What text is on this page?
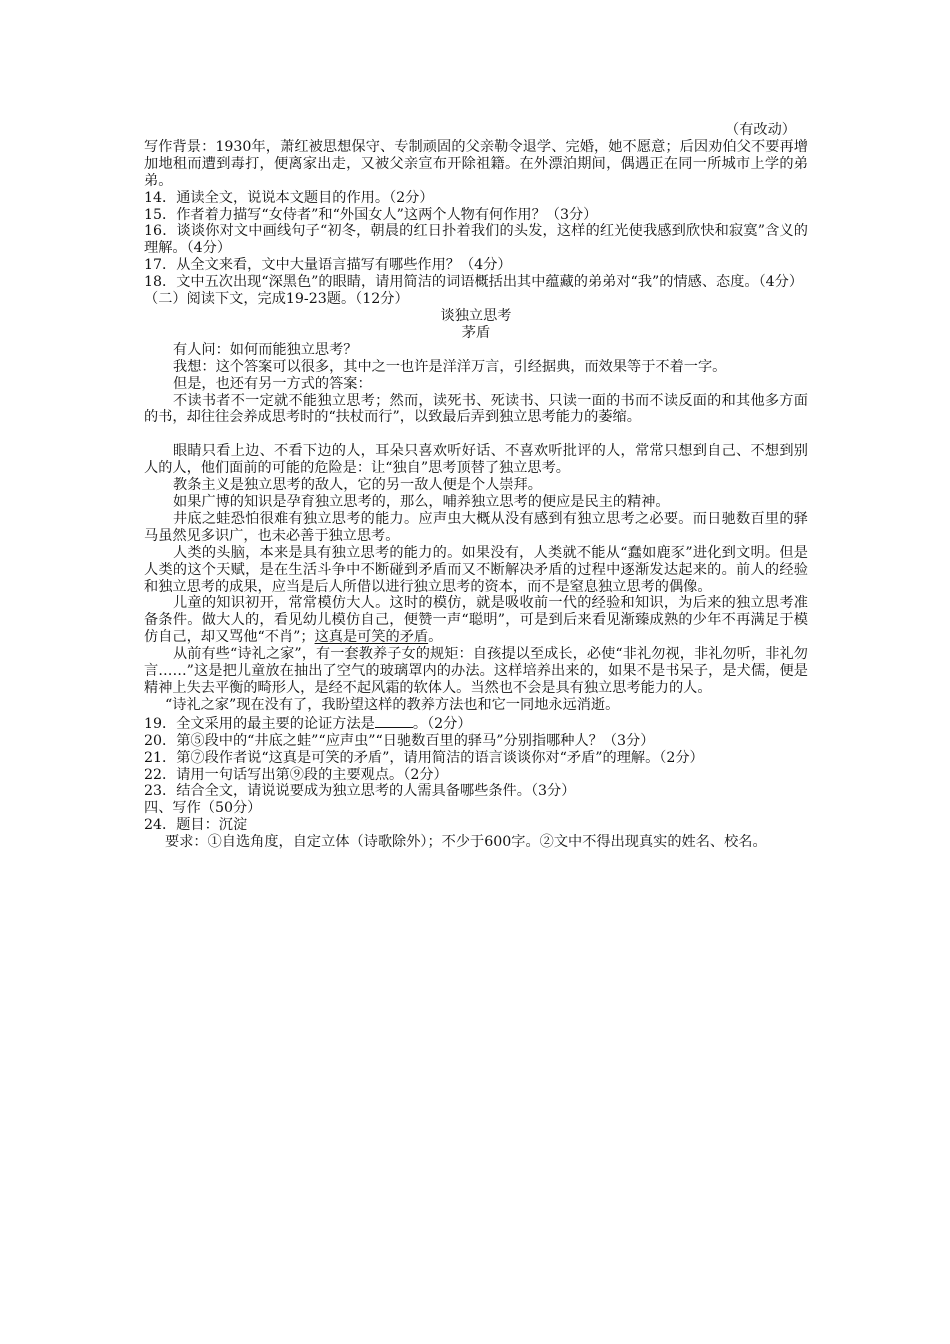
（有改动）

写作背景：1930年，萧红被思想保守、专制顽固的父亲勒令退学、完婚，她不愿意；后因劝伯父不要再增加地租而遭到毒打，便离家出走，又被父亲宣布开除祖籍。在外漂泊期间，偶遇正在同一所城市上学的弟弟。

14．通读全文，说说本文题目的作用。（2分）

15．作者着力描写“女侍者”和“外国女人”这两个人物有何作用？（3分）

16．谈谈你对文中画线句子“初冬，朝晨的红日扑着我们的头发，这样的红光使我感到欣快和寂寞”含义的理解。（4分）

17．从全文来看，文中大量语言描写有哪些作用？（4分）

18．文中五次出现“深黑色”的眼睛，请用简洁的词语概括出其中蕴藏的弟弟对“我”的情感、态度。（4分）

（二）阅读下文，完成19-23题。（12分）

谈独立思考

茅盾

有人问：如何而能独立思考？

我想：这个答案可以很多，其中之一也许是洋洋万言，引经据典，而效果等于不着一字。

但是，也还有另一方式的答案：

不读书者不一定就不能独立思考；然而，读死书、死读书、只读一面的书而不读反面的和其他多方面的书，却往往会养成思考时的“扶杖而行”，以致最后弄到独立思考能力的萎缩。

眼睛只看上边、不看下边的人，耳朵只喜欢听好话、不喜欢听批评的人，常常只想到自己、不想到别人的人，他们面前的可能的危险是：让“独自”思考顶替了独立思考。

教条主义是独立思考的敌人，它的另一敌人便是个人崇拜。

如果广博的知识是孕育独立思考的，那么，哺养独立思考的便应是民主的精神。

井底之蛙恐怕很难有独立思考的能力。应声虫大概从没有感到有独立思考之必要。而日驰数百里的驿马虽然见多识广，也未必善于独立思考。

人类的头脑，本来是具有独立思考的能力的。如果没有，人类就不能从“蠢如鹿豕”进化到文明。但是人类的这个天赋，是在生活斗争中不断碰到矛盾而又不断解决矛盾的过程中逐渐发达起来的。前人的经验和独立思考的成果，应当是后人所借以进行独立思考的资本，而不是窒息独立思考的偶像。

儿童的知识初开，常常模仿大人。这时的模仿，就是吸收前一代的经验和知识，为后来的独立思考准备条件。做大人的，看见幼儿模仿自己，便赞一声“聪明”，可是到后来看见渐臻成熟的少年不再满足于模仿自己，却又骂他“不肖”；这真是可笑的矛盾。

从前有些“诗礼之家”，有一套教养子女的规矩：自孩提以至成长，必使“非礼勿视，非礼勿听，非礼勿言……”这是把儿童放在抽出了空气的玻璃罩内的办法。这样培养出来的，如果不是书呆子，是犬儒，便是精神上失去平衡的畸形人，是经不起风霜的软体人。当然也不会是具有独立思考能力的人。

“诗礼之家”现在没有了，我盼望这样的教养方法也和它一同地永远消逝。

19．全文采用的最主要的论证方法是	。（2分）

20．第⑤段中的“井底之蛙”“应声虫”“日驰数百里的驿马”分别指哪种人？（3分）

21．第⑦段作者说“这真是可笑的矛盾”，请用简洁的语言谈谈你对“矛盾”的理解。（2分）

22．请用一句话写出第⑨段的主要观点。（2分）

23．结合全文，请说说要成为独立思考的人需具备哪些条件。（3分）

四、写作（50分）

24．题目：沉淀

要求：①自选角度，自定立体（诗歌除外）；不少于600字。②文中不得出现真实的姓名、校名。
